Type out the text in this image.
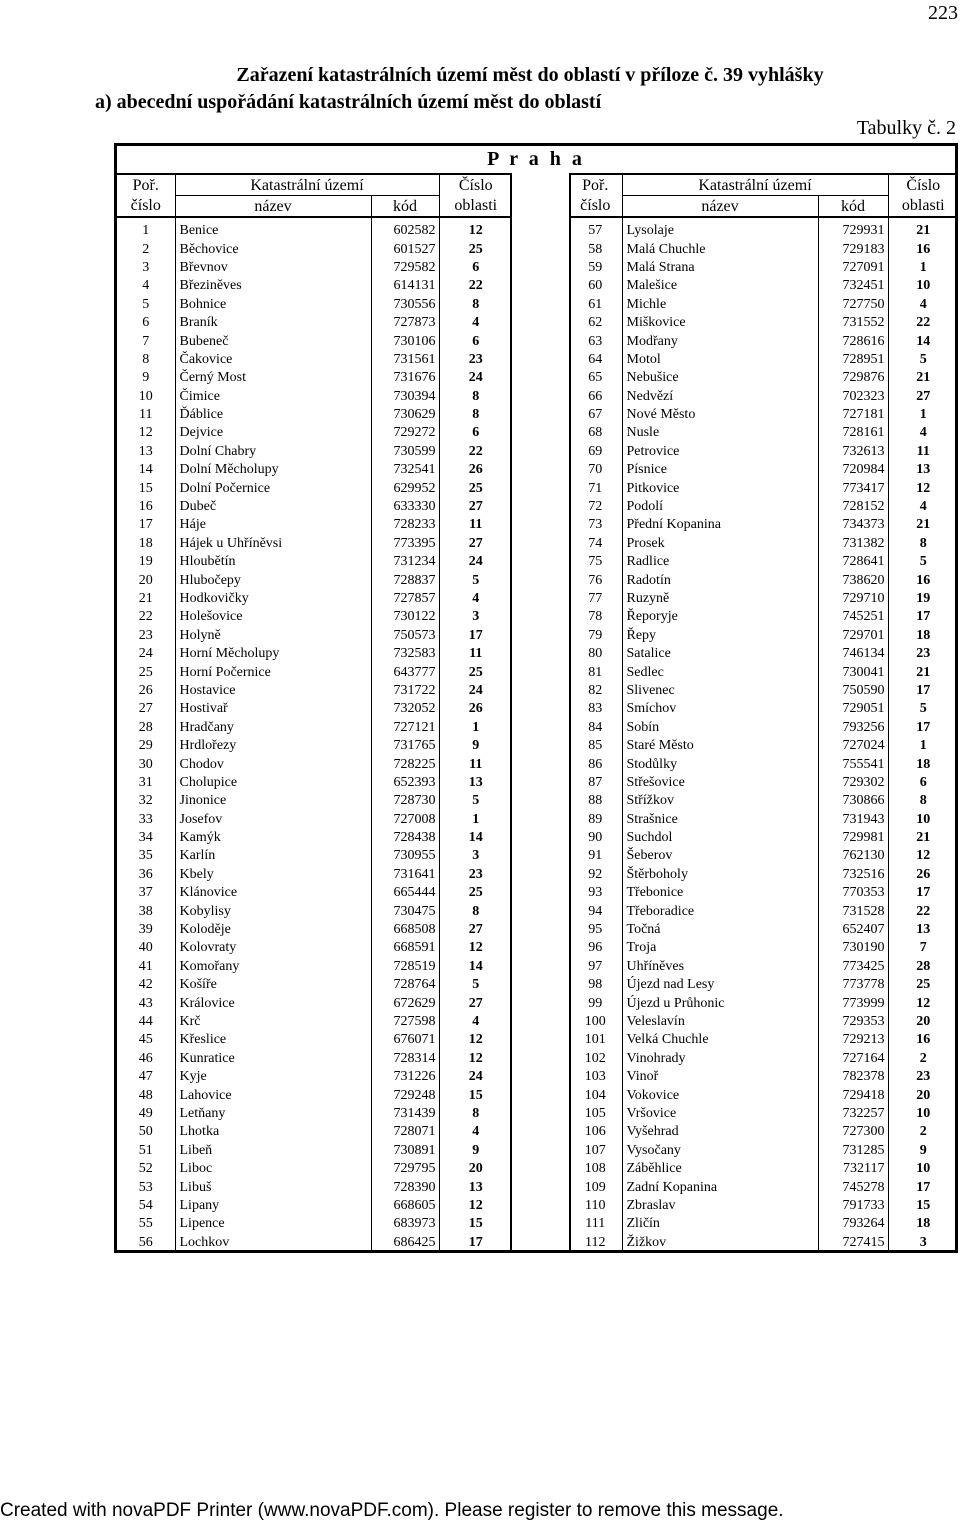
223
Zařazení katastrálních území měst do oblastí v příloze č. 39 vyhlášky
a) abecední uspořádání katastrálních území měst do oblastí
Tabulky č. 2
P r a h a
Poř.	Katastrální území		Číslo
číslo	název	kód	oblasti
1	Benice	602582	12
2	Běchovice	601527	25
3	Břevnov	729582	6
4	Březiněves	614131	22
5	Bohnice	730556	8
6	Braník	727873	4
7	Bubeneč	730106	6
8	Čakovice	731561	23
9	Černý Most	731676	24
10	Čimice	730394	8
11	Ďáblice	730629	8
12	Dejvice	729272	6
13	Dolní Chabry	730599	22
14	Dolní Měcholupy	732541	26
15	Dolní Počernice	629952	25
16	Dubeč	633330	27
17	Háje	728233	11
18	Hájek u Uhříněvsi	773395	27
19	Hloubětín	731234	24
20	Hlubočepy	728837	5
21	Hodkovičky	727857	4
22	Holešovice	730122	3
23	Holyně	750573	17
24	Horní Měcholupy	732583	11
25	Horní Počernice	643777	25
26	Hostavice	731722	24
27	Hostivař	732052	26
28	Hradčany	727121	1
29	Hrdlořezy	731765	9
30	Chodov	728225	11
31	Cholupice	652393	13
32	Jinonice	728730	5
33	Josefov	727008	1
34	Kamýk	728438	14
35	Karlín	730955	3
36	Kbely	731641	23
37	Klánovice	665444	25
38	Kobylisy	730475	8
39	Koloděje	668508	27
40	Kolovraty	668591	12
41	Komořany	728519	14
42	Košíře	728764	5
43	Královice	672629	27
44	Krč	727598	4
45	Křeslice	676071	12
46	Kunratice	728314	12
47	Kyje	731226	24
48	Lahovice	729248	15
49	Letňany	731439	8
50	Lhotka	728071	4
51	Libeň	730891	9
52	Liboc	729795	20
53	Libuš	728390	13
54	Lipany	668605	12
55	Lipence	683973	15
56	Lochkov	686425	17
Poř.	Katastrální území		Číslo
číslo	název	kód	oblasti
57	Lysolaje	729931	21
58	Malá Chuchle	729183	16
59	Malá Strana	727091	1
60	Malešice	732451	10
61	Michle	727750	4
62	Miškovice	731552	22
63	Modřany	728616	14
64	Motol	728951	5
65	Nebušice	729876	21
66	Nedvězí	702323	27
67	Nové Město	727181	1
68	Nusle	728161	4
69	Petrovice	732613	11
70	Písnice	720984	13
71	Pitkovice	773417	12
72	Podolí	728152	4
73	Přední Kopanina	734373	21
74	Prosek	731382	8
75	Radlice	728641	5
76	Radotín	738620	16
77	Ruzyně	729710	19
78	Řeporyje	745251	17
79	Řepy	729701	18
80	Satalice	746134	23
81	Sedlec	730041	21
82	Slivenec	750590	17
83	Smíchov	729051	5
84	Sobín	793256	17
85	Staré Město	727024	1
86	Stodůlky	755541	18
87	Střešovice	729302	6
88	Střížkov	730866	8
89	Strašnice	731943	10
90	Suchdol	729981	21
91	Šeberov	762130	12
92	Štěrboholy	732516	26
93	Třebonice	770353	17
94	Třeboradice	731528	22
95	Točná	652407	13
96	Troja	730190	7
97	Uhříněves	773425	28
98	Újezd nad Lesy	773778	25
99	Újezd u Průhonic	773999	12
100	Veleslavín	729353	20
101	Velká Chuchle	729213	16
102	Vinohrady	727164	2
103	Vinoř	782378	23
104	Vokovice	729418	20
105	Vršovice	732257	10
106	Vyšehrad	727300	2
107	Vysočany	731285	9
108	Záběhlice	732117	10
109	Zadní Kopanina	745278	17
110	Zbraslav	791733	15
111	Zličín	793264	18
112	Žižkov	727415	3
Created with novaPDF Printer (www.novaPDF.com). Please register to remove this message.
